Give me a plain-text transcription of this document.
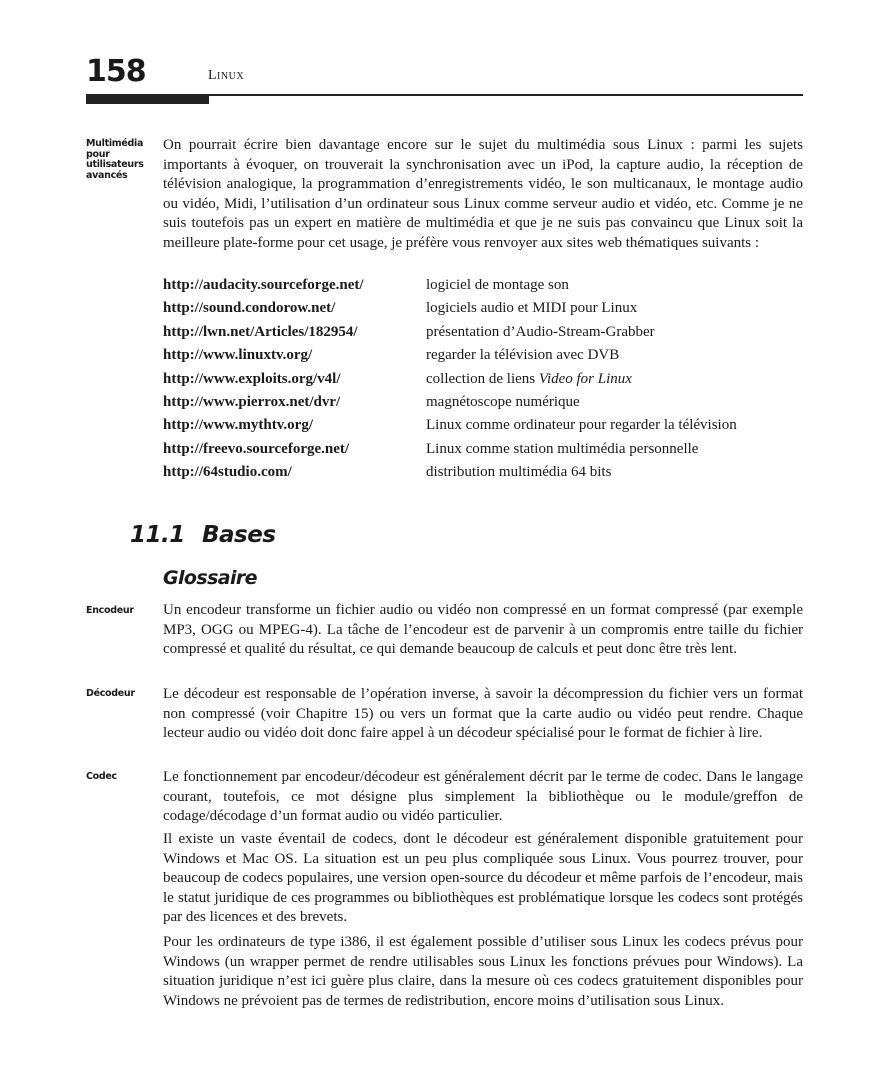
158	Linux
Multimédia pour utilisateurs avancés

On pourrait écrire bien davantage encore sur le sujet du multimédia sous Linux : parmi les sujets importants à évoquer, on trouverait la synchronisation avec un iPod, la capture audio, la réception de télévision analogique, la programmation d’enregistrements vidéo, le son multicanaux, le montage audio ou vidéo, Midi, l’utilisation d’un ordinateur sous Linux comme serveur audio et vidéo, etc. Comme je ne suis toutefois pas un expert en matière de multimédia et que je ne suis pas convaincu que Linux soit la meilleure plate-forme pour cet usage, je préfère vous renvoyer aux sites web thématiques suivants :

http://audacity.sourceforge.net/	logiciel de montage son
http://sound.condorow.net/	logiciels audio et MIDI pour Linux
http://lwn.net/Articles/182954/	présentation d’Audio-Stream-Grabber
http://www.linuxtv.org/	regarder la télévision avec DVB
http://www.exploits.org/v4l/	collection de liens Video for Linux
http://www.pierrox.net/dvr/	magnétoscope numérique
http://www.mythtv.org/	Linux comme ordinateur pour regarder la télévision
http://freevo.sourceforge.net/	Linux comme station multimédia personnelle
http://64studio.com/	distribution multimédia 64 bits
11.1 Bases
Glossaire
Encodeur	Un encodeur transforme un fichier audio ou vidéo non compressé en un format compressé (par exemple MP3, OGG ou MPEG-4). La tâche de l’encodeur est de parvenir à un compromis entre taille du fichier compressé et qualité du résultat, ce qui demande beaucoup de calculs et peut donc être très lent.

Décodeur	Le décodeur est responsable de l’opération inverse, à savoir la décompression du fichier vers un format non compressé (voir Chapitre 15) ou vers un format que la carte audio ou vidéo peut rendre. Chaque lecteur audio ou vidéo doit donc faire appel à un décodeur spécialisé pour le format de fichier à lire.

Codec	Le fonctionnement par encodeur/décodeur est généralement décrit par le terme de codec. Dans le langage courant, toutefois, ce mot désigne plus simplement la bibliothèque ou le module/greffon de codage/décodage d’un format audio ou vidéo particulier.

Il existe un vaste éventail de codecs, dont le décodeur est généralement disponible gratuitement pour Windows et Mac OS. La situation est un peu plus compliquée sous Linux. Vous pourrez trouver, pour beaucoup de codecs populaires, une version open-source du décodeur et même parfois de l’encodeur, mais le statut juridique de ces programmes ou bibliothèques est problématique lorsque les codecs sont protégés par des licences et des brevets.

Pour les ordinateurs de type i386, il est également possible d’utiliser sous Linux les codecs prévus pour Windows (un wrapper permet de rendre utilisables sous Linux les fonctions prévues pour Windows). La situation juridique n’est ici guère plus claire, dans la mesure où ces codecs gratuitement disponibles pour Windows ne prévoient pas de termes de redistribution, encore moins d’utilisation sous Linux.
